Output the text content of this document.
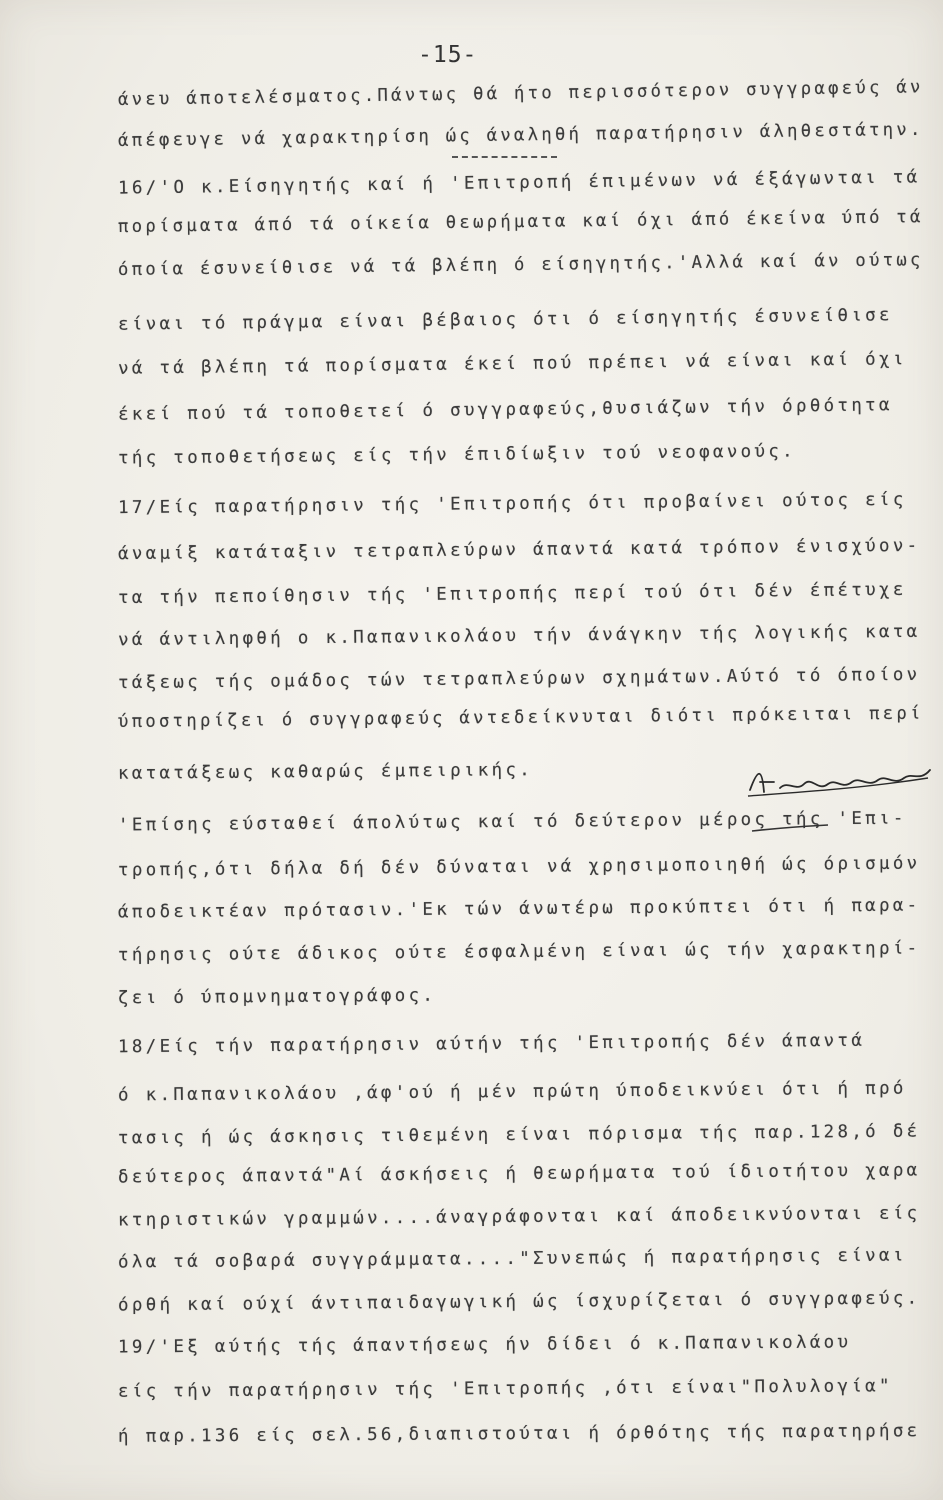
-15-
άνευ άποτελέσματος.Πάντως θά ήτο περισσότερον συγγραφεύς άν
άπέφευγε νά χαρακτηρίση ώς άναληθή παρατήρησιν άληθεστάτην.
16/'Ο κ.Είσηγητής καί ή 'Επιτροπή έπιμένων νά έξάγωνται τά
πορίσματα άπό τά οίκεία θεωρήματα καί όχι άπό έκείνα ύπό τά
όποία έσυνείθισε νά τά βλέπη ό είσηγητής.'Αλλά καί άν ούτως
είναι τό πράγμα είναι βέβαιος ότι ό είσηγητής έσυνείθισε
νά τά βλέπη τά πορίσματα έκεί πού πρέπει νά είναι καί όχι
έκεί πού τά τοποθετεί ό συγγραφεύς,θυσιάζων τήν όρθότητα
τής τοποθετήσεως είς τήν έπιδίωξιν τού νεοφανούς.
17/Είς παρατήρησιν τής 'Επιτροπής ότι προβαίνει ούτος είς
άναμίξ κατάταξιν τετραπλεύρων άπαντά κατά τρόπον ένισχύον-
τα τήν πεποίθησιν τής 'Επιτροπής περί τού ότι δέν έπέτυχε
νά άντιληφθή ο κ.Παπανικολάου τήν άνάγκην τής λογικής κατα
τάξεως τής ομάδος τών τετραπλεύρων σχημάτων.Αύτό τό όποίον
ύποστηρίζει ό συγγραφεύς άντεδείκνυται διότι πρόκειται περί
κατατάξεως καθαρώς έμπειρικής.
'Επίσης εύσταθεί άπολύτως καί τό δεύτερον μέρος τής 'Επι-
τροπής,ότι δήλα δή δέν δύναται νά χρησιμοποιηθή ώς όρισμόν
άποδεικτέαν πρότασιν.'Εκ τών άνωτέρω προκύπτει ότι ή παρα-
τήρησις ούτε άδικος ούτε έσφαλμένη είναι ώς τήν χαρακτηρί-
ζει ό ύπομνηματογράφος.
18/Είς τήν παρατήρησιν αύτήν τής 'Επιτροπής δέν άπαντά
ό κ.Παπανικολάου ,άφ'ού ή μέν πρώτη ύποδεικνύει ότι ή πρό
τασις ή ώς άσκησις τιθεμένη είναι πόρισμα τής παρ.128,ό δέ
δεύτερος άπαντά"Αί άσκήσεις ή θεωρήματα τού ίδιοτήτου χαρα
κτηριστικών γραμμών....άναγράφονται καί άποδεικνύονται είς
όλα τά σοβαρά συγγράμματα...."Συνεπώς ή παρατήρησις είναι
όρθή καί ούχί άντιπαιδαγωγική ώς ίσχυρίζεται ό συγγραφεύς.
19/'Εξ αύτής τής άπαντήσεως ήν δίδει ό κ.Παπανικολάου
είς τήν παρατήρησιν τής 'Επιτροπής ,ότι είναι"Πολυλογία"
ή παρ.136 είς σελ.56,διαπιστούται ή όρθότης τής παρατηρήσε
